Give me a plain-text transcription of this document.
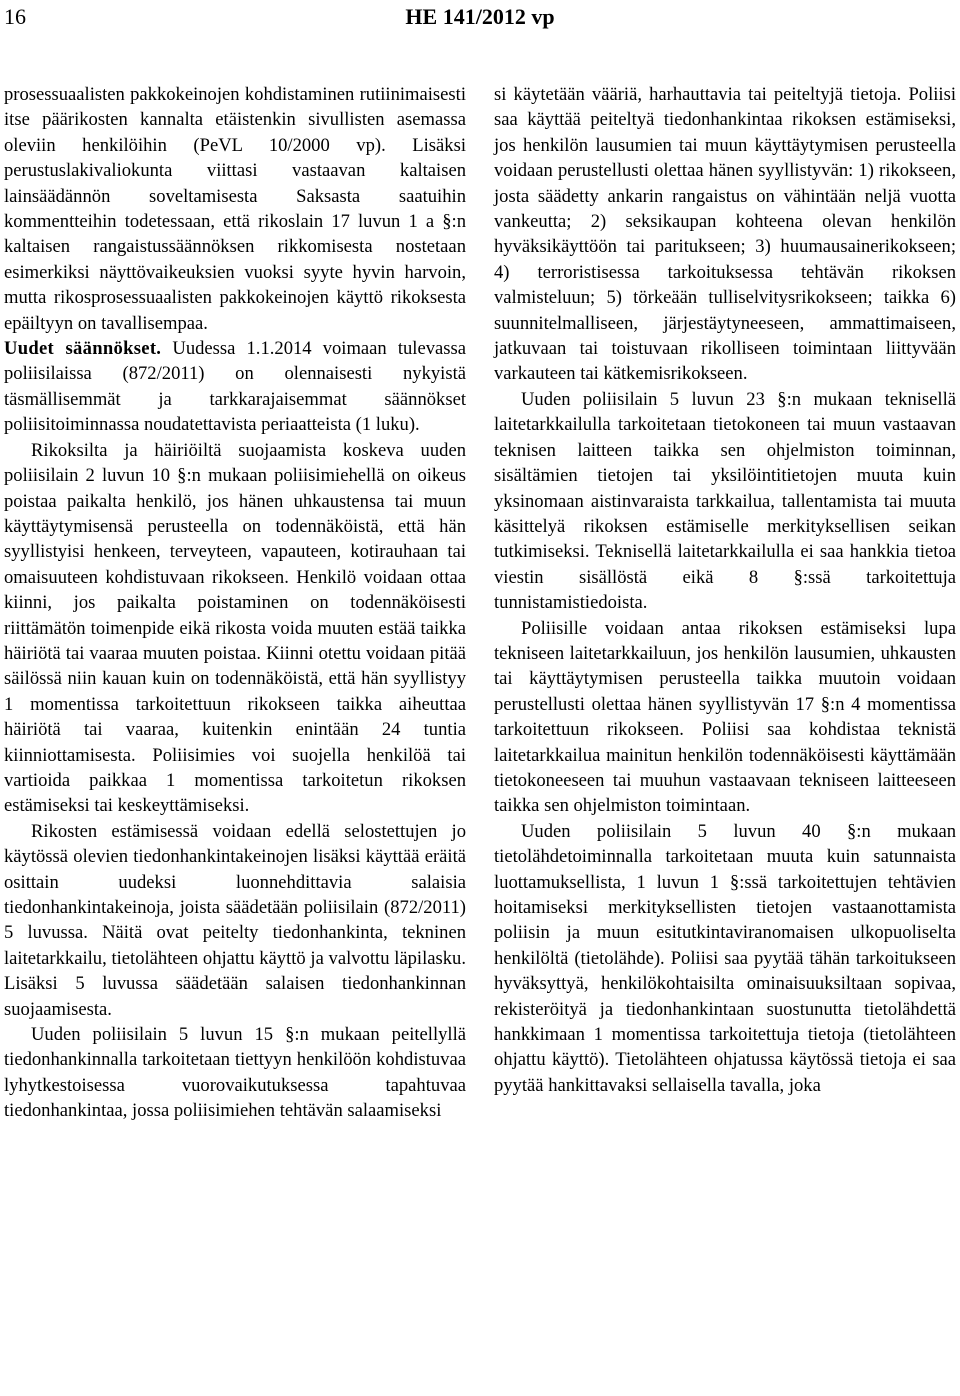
16	HE 141/2012 vp

prosessuaalisten pakkokeinojen kohdistaminen rutiinimaisesti itse päärikosten kannalta etäistenkin sivullisten asemassa oleviin henkilöihin (PeVL 10/2000 vp). Lisäksi perustuslakivaliokunta viittasi vastaavan kaltaisen lainsäädännön soveltamisesta Saksasta saatuihin kommentteihin todetessaan, että rikoslain 17 luvun 1 a §:n kaltaisen rangaistussäännöksen rikkomisesta nostetaan esimerkiksi näyttövaikeuksien vuoksi syyte hyvin harvoin, mutta rikosprosessuaalisten pakkokeinojen käyttö rikoksesta epäiltyyn on tavallisempaa.

Uudet säännökset. Uudessa 1.1.2014 voimaan tulevassa poliisilaissa (872/2011) on olennaisesti nykyistä täsmällisemmät ja tarkkarajaisemmat säännökset poliisitoiminnassa noudatettavista periaatteista (1 luku).

Rikoksilta ja häiriöiltä suojaamista koskeva uuden poliisilain 2 luvun 10 §:n mukaan poliisimiehellä on oikeus poistaa paikalta henkilö, jos hänen uhkaustensa tai muun käyttäytymisensä perusteella on todennäköistä, että hän syyllistyisi henkeen, terveyteen, vapauteen, kotirauhaan tai omaisuuteen kohdistuvaan rikokseen. Henkilö voidaan ottaa kiinni, jos paikalta poistaminen on todennäköisesti riittämätön toimenpide eikä rikosta voida muuten estää taikka häiriötä tai vaaraa muuten poistaa. Kiinni otettu voidaan pitää säilössä niin kauan kuin on todennäköistä, että hän syyllistyy 1 momentissa tarkoitettuun rikokseen taikka aiheuttaa häiriötä tai vaaraa, kuitenkin enintään 24 tuntia kiinniottamisesta. Poliisimies voi suojella henkilöä tai vartioida paikkaa 1 momentissa tarkoitetun rikoksen estämiseksi tai keskeyttämiseksi.

Rikosten estämisessä voidaan edellä selostettujen jo käytössä olevien tiedonhankintakeinojen lisäksi käyttää eräitä osittain uudeksi luonnehdittavia salaisia tiedonhankintakeinoja, joista säädetään poliisilain (872/2011) 5 luvussa. Näitä ovat peitelty tiedonhankinta, tekninen laitetarkkailu, tietolähteen ohjattu käyttö ja valvottu läpilasku. Lisäksi 5 luvussa säädetään salaisen tiedonhankinnan suojaamisesta.

Uuden poliisilain 5 luvun 15 §:n mukaan peitellyllä tiedonhankinnalla tarkoitetaan tiettyyn henkilöön kohdistuvaa lyhytkestoisessa vuorovaikutuksessa tapahtuvaa tiedonhankintaa, jossa poliisimiehen tehtävän salaamiseksi

si käytetään vääriä, harhauttavia tai peiteltyjä tietoja. Poliisi saa käyttää peiteltyä tiedonhankintaa rikoksen estämiseksi, jos henkilön lausumien tai muun käyttäytymisen perusteella voidaan perustellusti olettaa hänen syyllistyvän: 1) rikokseen, josta säädetty ankarin rangaistus on vähintään neljä vuotta vankeutta; 2) seksikaupan kohteena olevan henkilön hyväksikäyttöön tai paritukseen; 3) huumausainerikokseen; 4) terroristisessa tarkoituksessa tehtävän rikoksen valmisteluun; 5) törkeään tulliselvitysrikokseen; taikka 6) suunnitelmalliseen, järjestäytyneeseen, ammattimaiseen, jatkuvaan tai toistuvaan rikolliseen toimintaan liittyvään varkauteen tai kätkemisrikokseen.

Uuden poliisilain 5 luvun 23 §:n mukaan teknisellä laitetarkkailulla tarkoitetaan tietokoneen tai muun vastaavan teknisen laitteen taikka sen ohjelmiston toiminnan, sisältämien tietojen tai yksilöintitietojen muuta kuin yksinomaan aistinvaraista tarkkailua, tallentamista tai muuta käsittelyä rikoksen estämiselle merkityksellisen seikan tutkimiseksi. Teknisellä laitetarkkailulla ei saa hankkia tietoa viestin sisällöstä eikä 8 §:ssä tarkoitettuja tunnistamistiedoista.

Poliisille voidaan antaa rikoksen estämiseksi lupa tekniseen laitetarkkailuun, jos henkilön lausumien, uhkausten tai käyttäytymisen perusteella taikka muutoin voidaan perustellusti olettaa hänen syyllistyvän 17 §:n 4 momentissa tarkoitettuun rikokseen. Poliisi saa kohdistaa teknistä laitetarkkailua mainitun henkilön todennäköisesti käyttämään tietokoneeseen tai muuhun vastaavaan tekniseen laitteeseen taikka sen ohjelmiston toimintaan.

Uuden poliisilain 5 luvun 40 §:n mukaan tietolähdetoiminnalla tarkoitetaan muuta kuin satunnaista luottamuksellista, 1 luvun 1 §:ssä tarkoitettujen tehtävien hoitamiseksi merkityksellisten tietojen vastaanottamista poliisin ja muun esitutkintaviranomaisen ulkopuoliselta henkilöltä (tietolähde). Poliisi saa pyytää tähän tarkoitukseen hyväksyttyä, henkilökohtaisilta ominaisuuksiltaan sopivaa, rekisteröityä ja tiedonhankintaan suostunutta tietolähdettä hankkimaan 1 momentissa tarkoitettuja tietoja (tietolähteen ohjattu käyttö). Tietolähteen ohjatussa käytössä tietoja ei saa pyytää hankittavaksi sellaisella tavalla, joka
